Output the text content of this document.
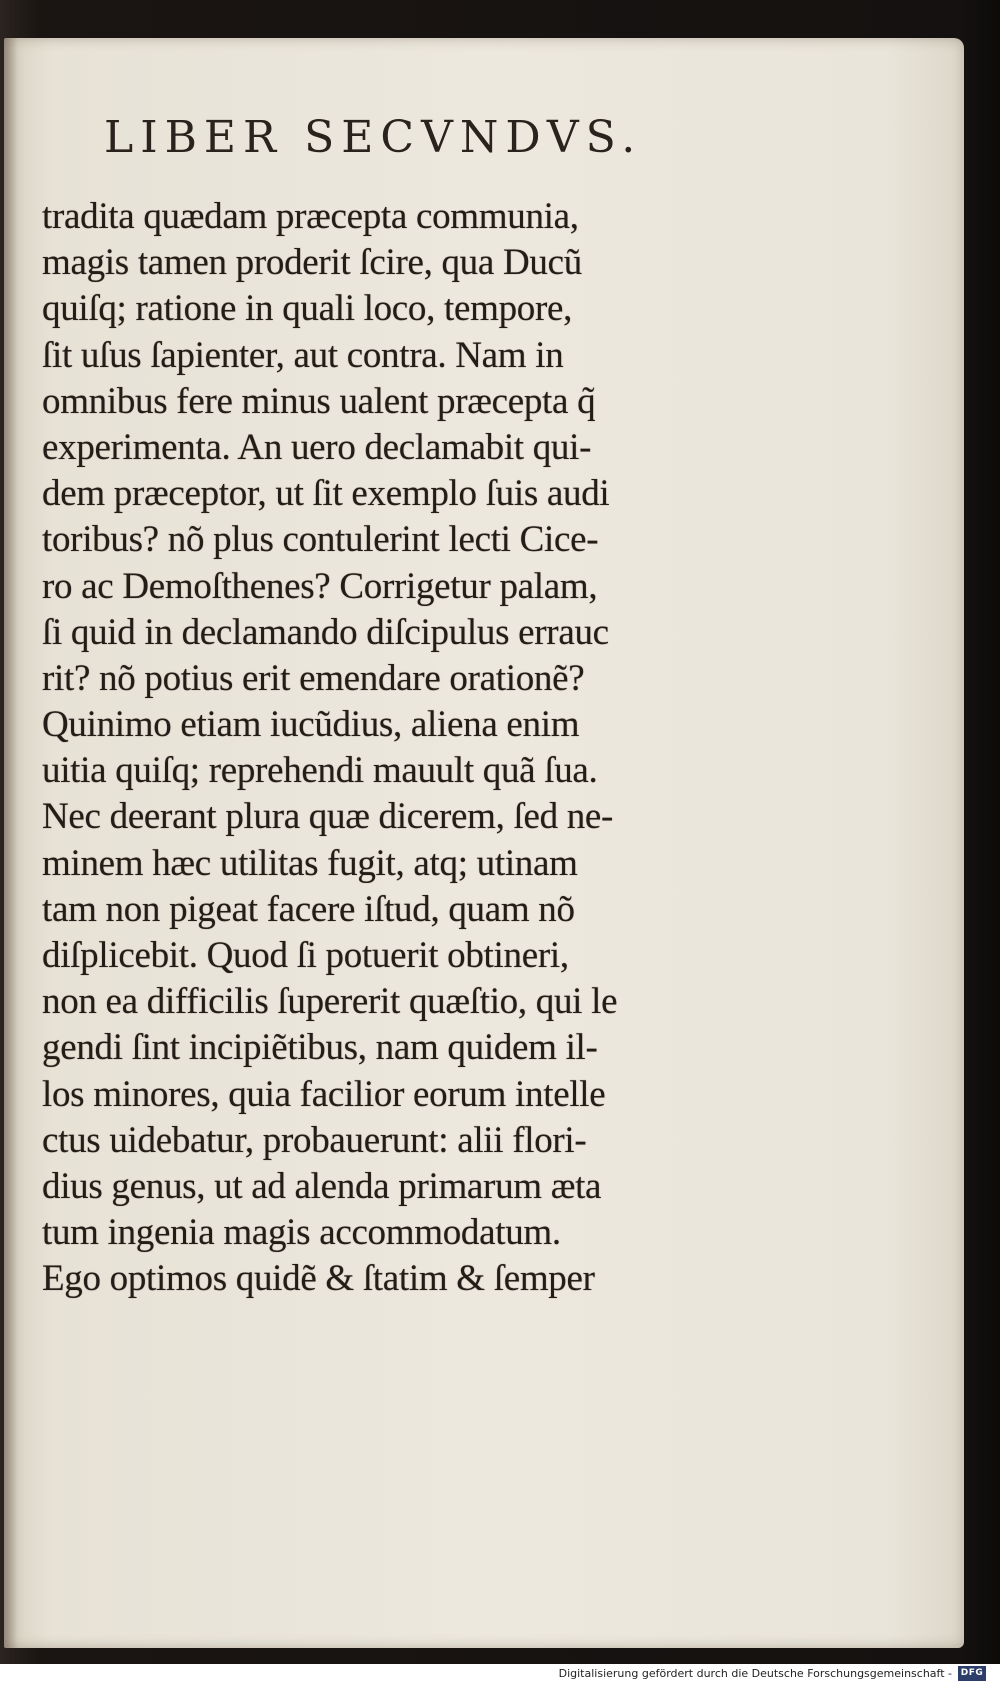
LIBER SECVNDVS.
tradita quædam præcepta communia,
magis tamen proderit ſcire, qua Ducũ
quiſq; ratione in quali loco, tempore,
ſit uſus ſapienter, aut contra. Nam in
omnibus fere minus ualent præcepta q̃
experimenta. An uero declamabit qui-
dem præceptor, ut ſit exemplo ſuis audi
toribus? nõ plus contulerint lecti Cice-
ro ac Demoſthenes? Corrigetur palam,
ſi quid in declamando diſcipulus errauc
rit? nõ potius erit emendare orationẽ?
Quinimo etiam iucũdius, aliena enim
uitia quiſq; reprehendi mauult quã ſua.
Nec deerant plura quæ dicerem, ſed ne-
minem hæc utilitas fugit, atq; utinam
tam non pigeat facere iſtud, quam nõ
diſplicebit. Quod ſi potuerit obtineri,
non ea difficilis ſupererit quæſtio, qui le
gendi ſint incipiẽtibus, nam quidem il-
los minores, quia facilior eorum intelle
ctus uidebatur, probauerunt: alii flori-
dius genus, ut ad alenda primarum æta
tum ingenia magis accommodatum.
Ego optimos quidẽ & ſtatim & ſemper
Digitalisierung gefördert durch die Deutsche Forschungsgemeinschaft - DFG
